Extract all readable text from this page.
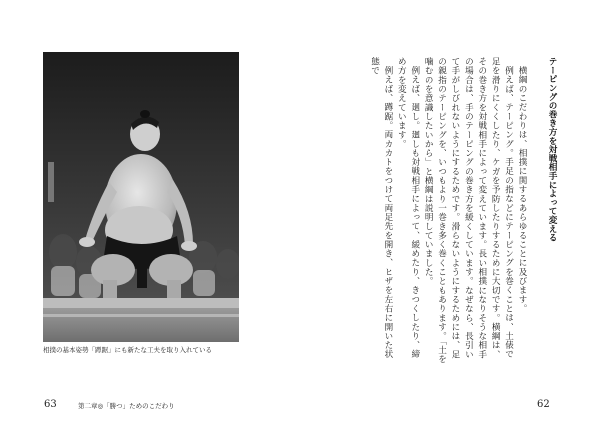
相撲の基本姿勢「蹲踞」にも新たな工夫を取り入れている
63	第二章◎「勝つ」ためのこだわり
テーピングの巻き方を対戦相手によって変える

横綱のこだわりは、相撲に関するあらゆることに及びます。

例えば、テーピング。手足の指などにテーピングを巻くことは、土俵で足を滑りにくくしたり、ケガを予防したりするために大切です。横綱は、その巻き方を対戦相手によって変えています。長い相撲になりそうな相手の場合は、手のテーピングの巻き方を緩くしています。なぜなら、長引いて手がしびれないようにするためです。滑らないようにするためには、足の親指のテーピングを、いつもより一巻き多く巻くこともあります。「土を噛むのを意識したいから」と横綱は説明していました。

例えば、廻し。廻しも対戦相手によって、緩めたり、きつくしたり、締め方を変えています。

例えば、蹲踞。両カカトをつけて両足先を開き、ヒザを左右に開いた状態で

62
